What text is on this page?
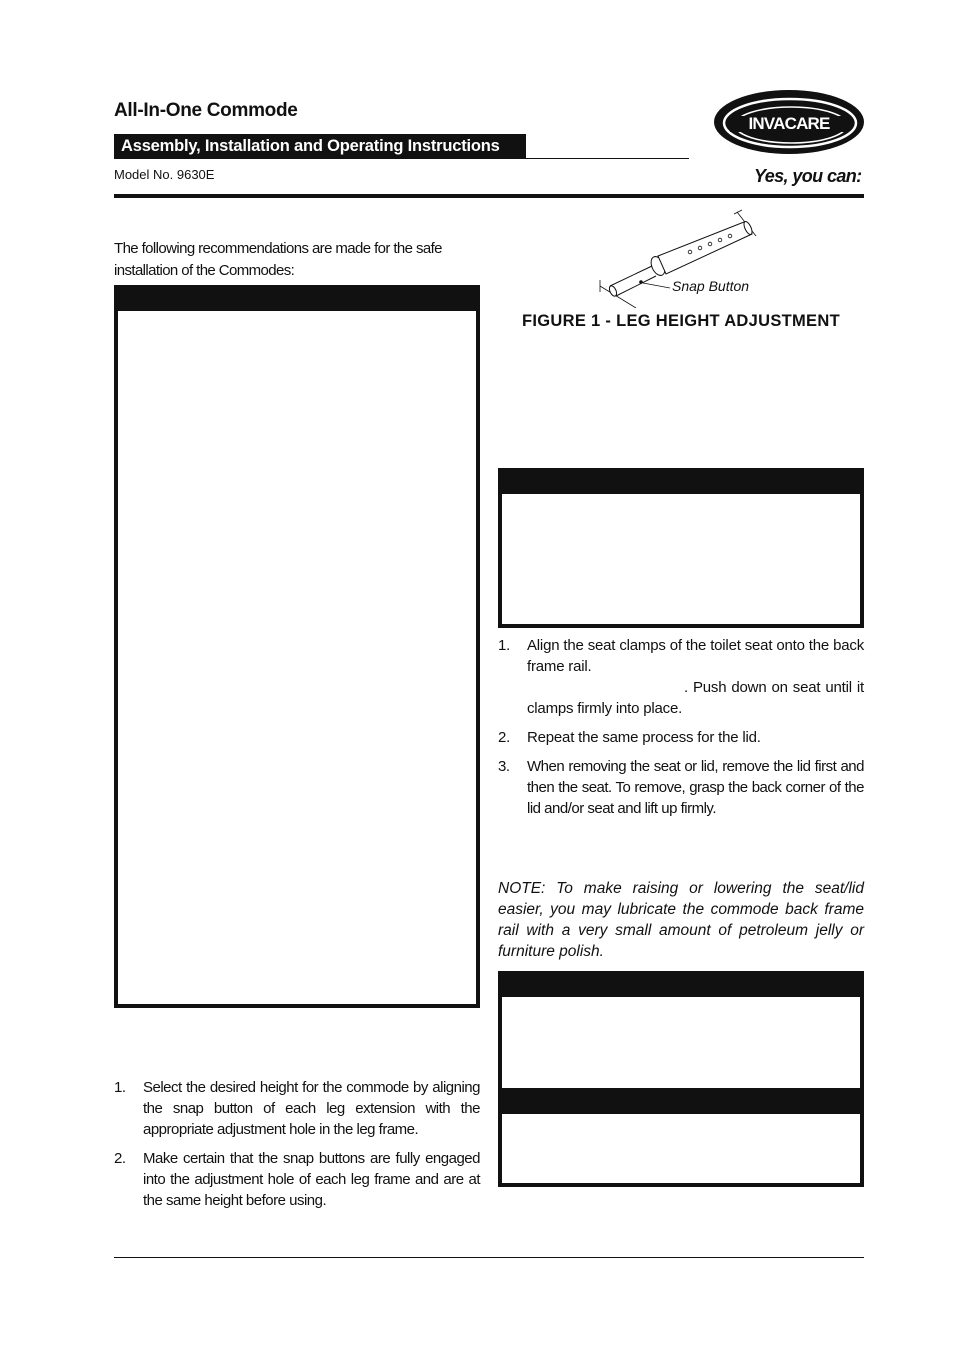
All-In-One Commode
Assembly, Installation and Operating Instructions
Model No. 9630E
INVACARE
Yes, you can:
The following recommendations are made for the safe installation of the Commodes:
1. Select the desired height for the commode by aligning the snap button of each leg extension with the appropriate adjustment hole in the leg frame.
2. Make certain that the snap buttons are fully engaged into the adjustment hole of each leg frame and are at the same height before using.
Snap Button
FIGURE 1 - LEG HEIGHT ADJUSTMENT
1. Align the seat clamps of the toilet seat onto the back frame rail.
. Push down on seat until it clamps firmly into place.
2. Repeat the same process for the lid.
3. When removing the seat or lid, remove the lid first and then the seat. To remove, grasp the back corner of the lid and/or seat and lift up firmly.
NOTE: To make raising or lowering the seat/lid easier, you may lubricate the commode back frame rail with a very small amount of petroleum jelly or furniture polish.
